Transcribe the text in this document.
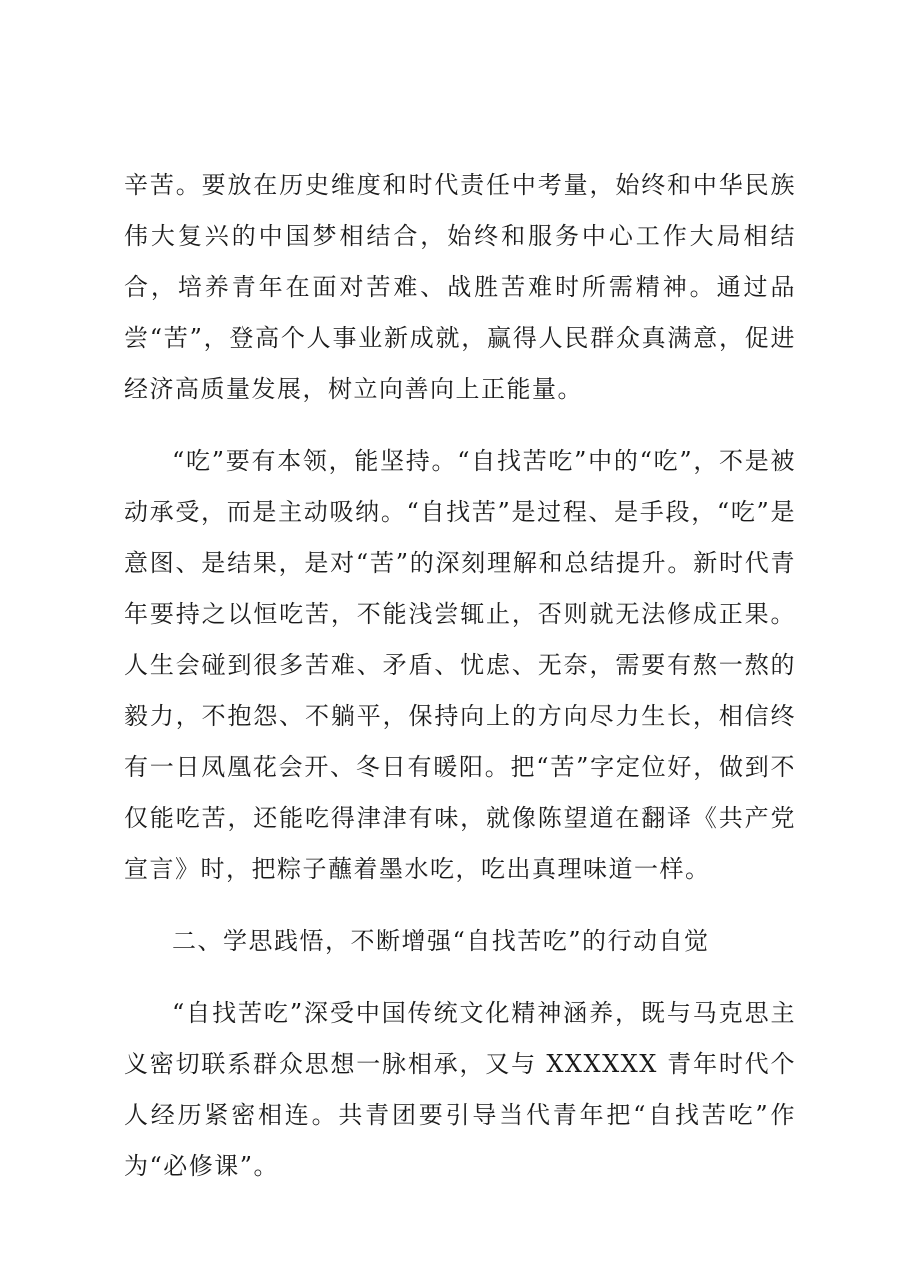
辛苦。要放在历史维度和时代责任中考量，始终和中华民族伟大复兴的中国梦相结合，始终和服务中心工作大局相结合，培养青年在面对苦难、战胜苦难时所需精神。通过品尝“苦”，登高个人事业新成就，赢得人民群众真满意，促进经济高质量发展，树立向善向上正能量。

“吃”要有本领，能坚持。“自找苦吃”中的“吃”，不是被动承受，而是主动吸纳。“自找苦”是过程、是手段，“吃”是意图、是结果，是对“苦”的深刻理解和总结提升。新时代青年要持之以恒吃苦，不能浅尝辄止，否则就无法修成正果。人生会碰到很多苦难、矛盾、忧虑、无奈，需要有熬一熬的毅力，不抱怨、不躺平，保持向上的方向尽力生长，相信终有一日凤凰花会开、冬日有暖阳。把“苦”字定位好，做到不仅能吃苦，还能吃得津津有味，就像陈望道在翻译《共产党宣言》时，把粽子蘸着墨水吃，吃出真理味道一样。

二、学思践悟，不断增强“自找苦吃”的行动自觉

“自找苦吃”深受中国传统文化精神涵养，既与马克思主义密切联系群众思想一脉相承，又与 XXXXXX 青年时代个人经历紧密相连。共青团要引导当代青年把“自找苦吃”作为“必修课”。
